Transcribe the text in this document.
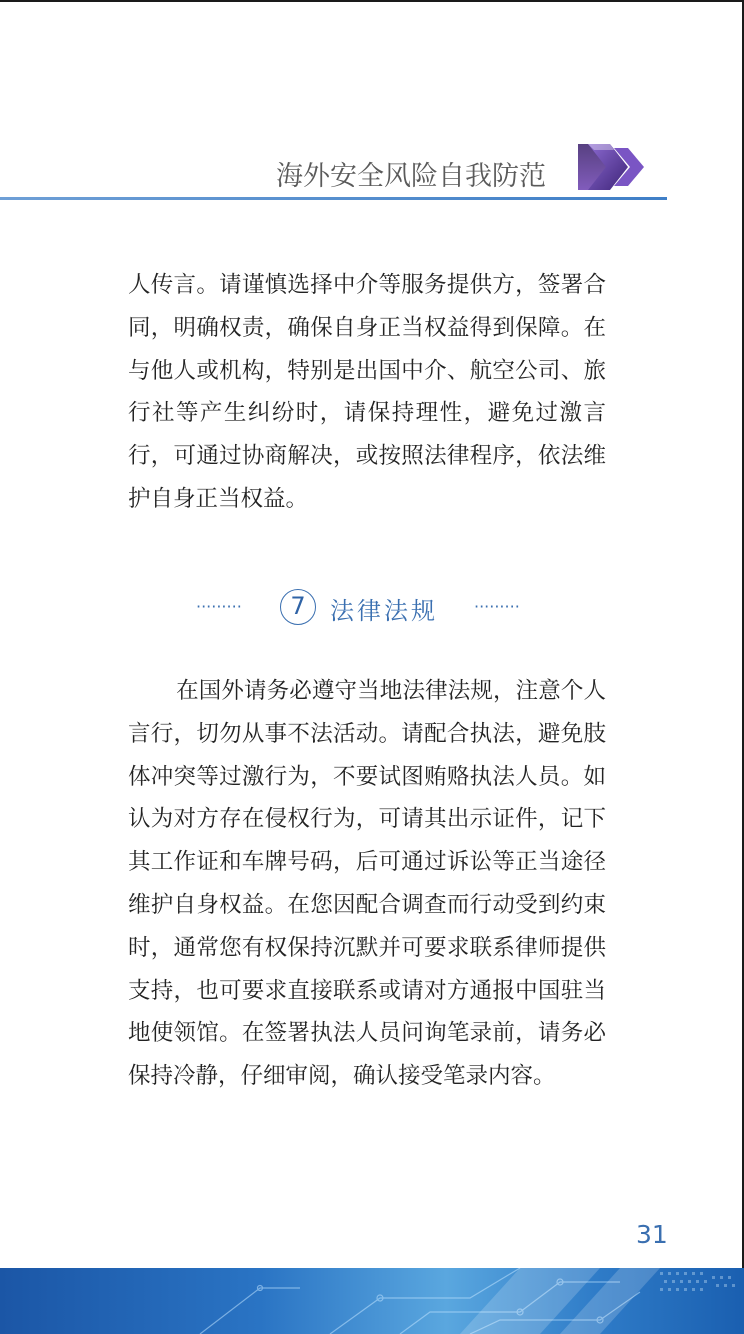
海外安全风险自我防范
人传言。请谨慎选择中介等服务提供方，签署合同，明确权责，确保自身正当权益得到保障。在与他人或机构，特别是出国中介、航空公司、旅行社等产生纠纷时，请保持理性，避免过激言行，可通过协商解决，或按照法律程序，依法维护自身正当权益。
·········	7	法律法规 ·········
在国外请务必遵守当地法律法规，注意个人言行，切勿从事不法活动。请配合执法，避免肢体冲突等过激行为，不要试图贿赂执法人员。如认为对方存在侵权行为，可请其出示证件，记下其工作证和车牌号码，后可通过诉讼等正当途径维护自身权益。在您因配合调查而行动受到约束时，通常您有权保持沉默并可要求联系律师提供支持，也可要求直接联系或请对方通报中国驻当地使领馆。在签署执法人员问询笔录前，请务必保持冷静，仔细审阅，确认接受笔录内容。
31
